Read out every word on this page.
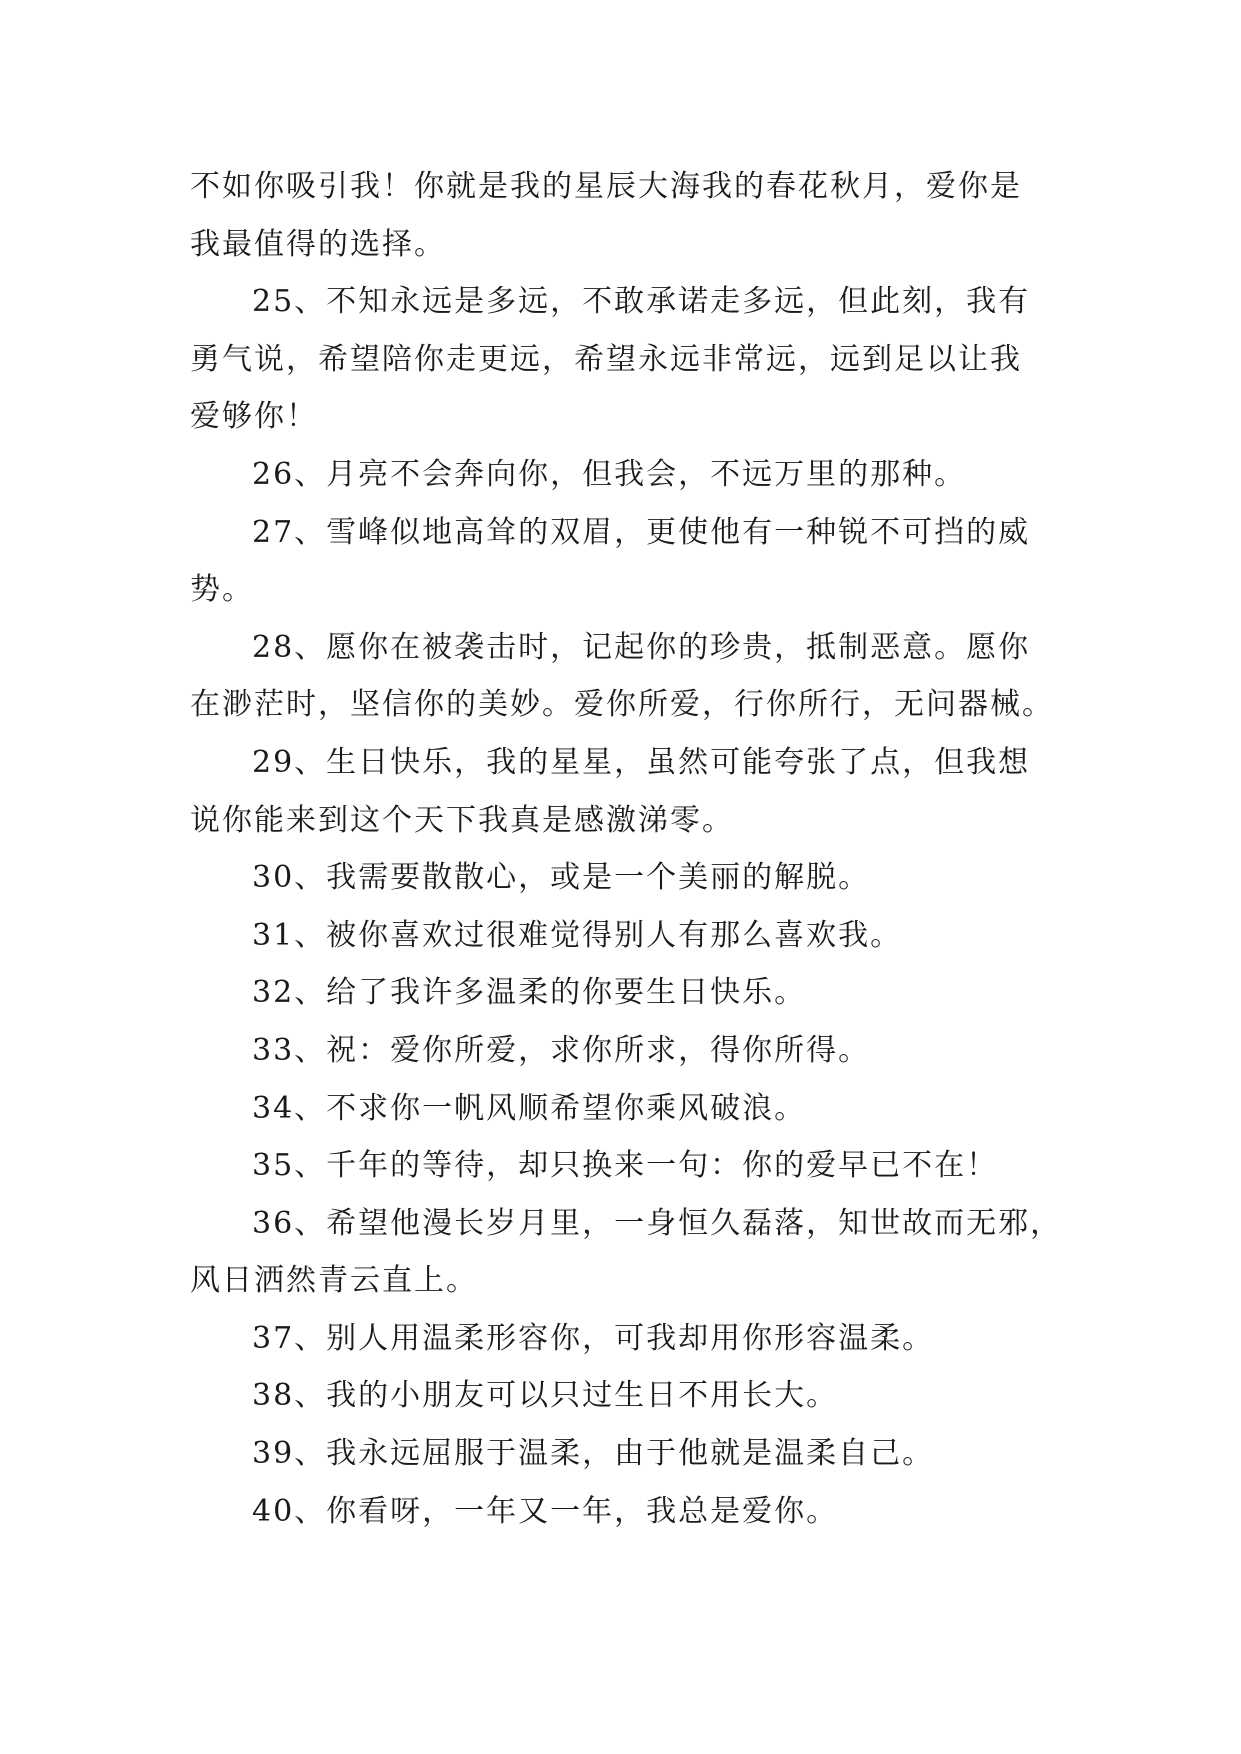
不如你吸引我！你就是我的星辰大海我的春花秋月，爱你是
我最值得的选择。
25、不知永远是多远，不敢承诺走多远，但此刻，我有
勇气说，希望陪你走更远，希望永远非常远，远到足以让我
爱够你！
26、月亮不会奔向你，但我会，不远万里的那种。
27、雪峰似地高耸的双眉，更使他有一种锐不可挡的威
势。
28、愿你在被袭击时，记起你的珍贵，抵制恶意。愿你
在渺茫时，坚信你的美妙。爱你所爱，行你所行，无问器械。
29、生日快乐，我的星星，虽然可能夸张了点，但我想
说你能来到这个天下我真是感激涕零。
30、我需要散散心，或是一个美丽的解脱。
31、被你喜欢过很难觉得别人有那么喜欢我。
32、给了我许多温柔的你要生日快乐。
33、祝：爱你所爱，求你所求，得你所得。
34、不求你一帆风顺希望你乘风破浪。
35、千年的等待，却只换来一句：你的爱早已不在！
36、希望他漫长岁月里，一身恒久磊落，知世故而无邪，
风日洒然青云直上。
37、别人用温柔形容你，可我却用你形容温柔。
38、我的小朋友可以只过生日不用长大。
39、我永远屈服于温柔，由于他就是温柔自己。
40、你看呀，一年又一年，我总是爱你。
